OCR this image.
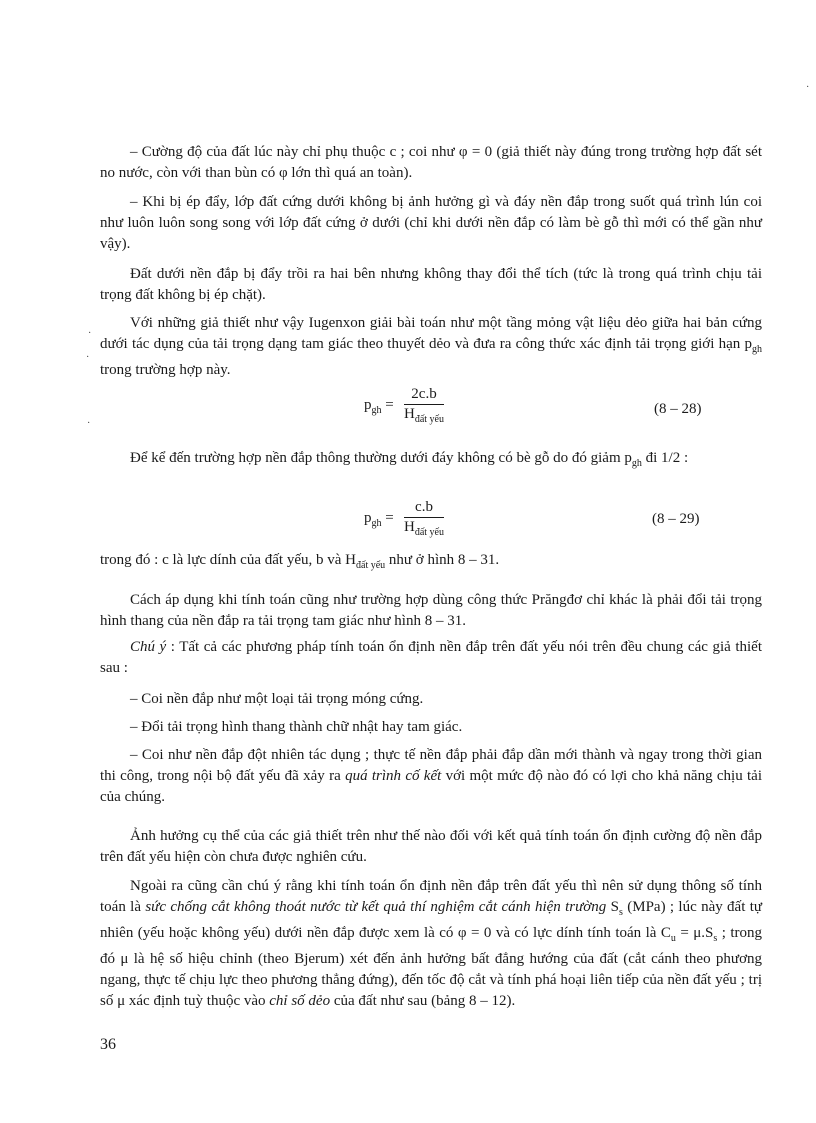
– Cường độ của đất lúc này chỉ phụ thuộc c ; coi như φ = 0 (giả thiết này đúng trong trường hợp đất sét no nước, còn với than bùn có φ lớn thì quá an toàn).

– Khi bị ép đẩy, lớp đất cứng dưới không bị ảnh hưởng gì và đáy nền đắp trong suốt quá trình lún coi như luôn luôn song song với lớp đất cứng ở dưới (chỉ khi dưới nền đắp có làm bè gỗ thì mới có thể gần như vậy).

Đất dưới nền đắp bị đẩy trồi ra hai bên nhưng không thay đổi thể tích (tức là trong quá trình chịu tải trọng đất không bị ép chặt).

Với những giả thiết như vậy Iugenxon giải bài toán như một tầng mỏng vật liệu dẻo giữa hai bản cứng dưới tác dụng của tải trọng dạng tam giác theo thuyết dẻo và đưa ra công thức xác định tải trọng giới hạn $p_{gh}$ trong trường hợp này.

$p_{gh}$ =
2c.b
$H_{đất yếu}$
(8 – 28)

Để kể đến trường hợp nền đắp thông thường dưới đáy không có bè gỗ do đó giảm $p_{gh}$ đi 1/2 :

$p_{gh}$ =
c.b
$H_{đất yếu}$
(8 – 29)

trong đó : c là lực dính của đất yếu, b và $H_{đất yếu}$ như ở hình 8 – 31.

Cách áp dụng khi tính toán cũng như trường hợp dùng công thức Prăngđơ chỉ khác là phải đổi tải trọng hình thang của nền đắp ra tải trọng tam giác như hình 8 – 31.

Chú ý : Tất cả các phương pháp tính toán ổn định nền đắp trên đất yếu nói trên đều chung các giả thiết sau :

– Coi nền đắp như một loại tải trọng móng cứng.

– Đổi tải trọng hình thang thành chữ nhật hay tam giác.

– Coi như nền đắp đột nhiên tác dụng ; thực tế nền đắp phải đắp dần mới thành và ngay trong thời gian thi công, trong nội bộ đất yếu đã xảy ra quá trình cố kết với một mức độ nào đó có lợi cho khả năng chịu tải của chúng.

Ảnh hưởng cụ thể của các giả thiết trên như thế nào đối với kết quả tính toán ổn định cường độ nền đắp trên đất yếu hiện còn chưa được nghiên cứu.

Ngoài ra cũng cần chú ý rằng khi tính toán ổn định nền đắp trên đất yếu thì nên sử dụng thông số tính toán là sức chống cắt không thoát nước từ kết quả thí nghiệm cắt cánh hiện trường $S_s$ (MPa) ; lúc này đất tự nhiên (yếu hoặc không yếu) dưới nền đắp được xem là có φ = 0 và có lực dính tính toán là $C_u = \mu.S_s$ ; trong đó μ là hệ số hiệu chỉnh (theo Bjerum) xét đến ảnh hưởng bất đẳng hướng của đất (cắt cánh theo phương ngang, thực tế chịu lực theo phương thẳng đứng), đến tốc độ cắt và tính phá hoại liên tiếp của nền đất yếu ; trị số μ xác định tuỳ thuộc vào chỉ số dẻo của đất như sau (bảng 8 – 12).

36
·
·
·
·
